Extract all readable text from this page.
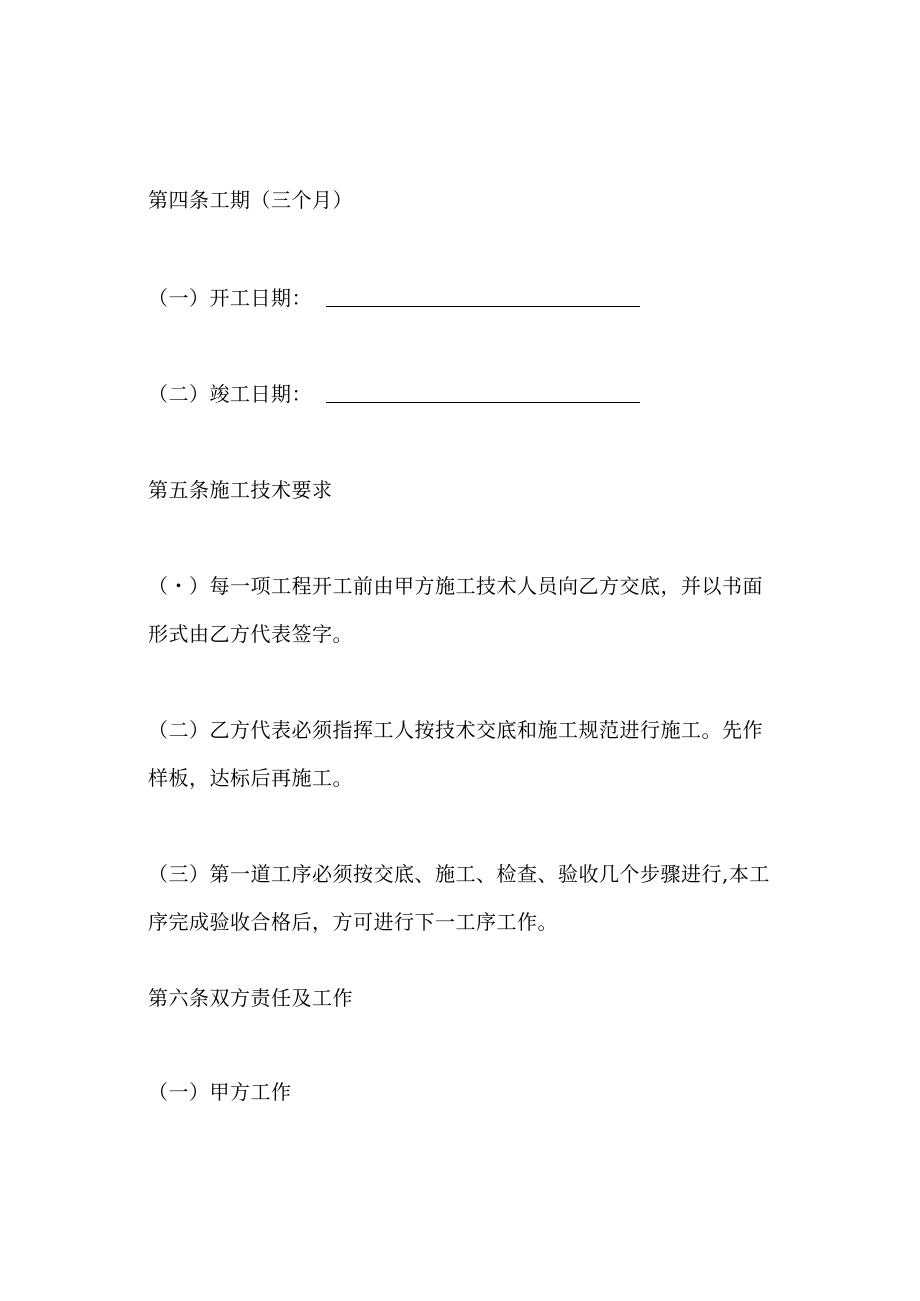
第四条工期（三个月）

（一）开工日期：

（二）竣工日期：

第五条施工技术要求

（・）每一项工程开工前由甲方施工技术人员向乙方交底，并以书面
形式由乙方代表签字。
（二）乙方代表必须指挥工人按技术交底和施工规范进行施工。先作
样板，达标后再施工。
（三）第一道工序必须按交底、施工、检查、验收几个步骤进行,本工
序完成验收合格后，方可进行下一工序工作。

第六条双方责任及工作

（一）甲方工作
